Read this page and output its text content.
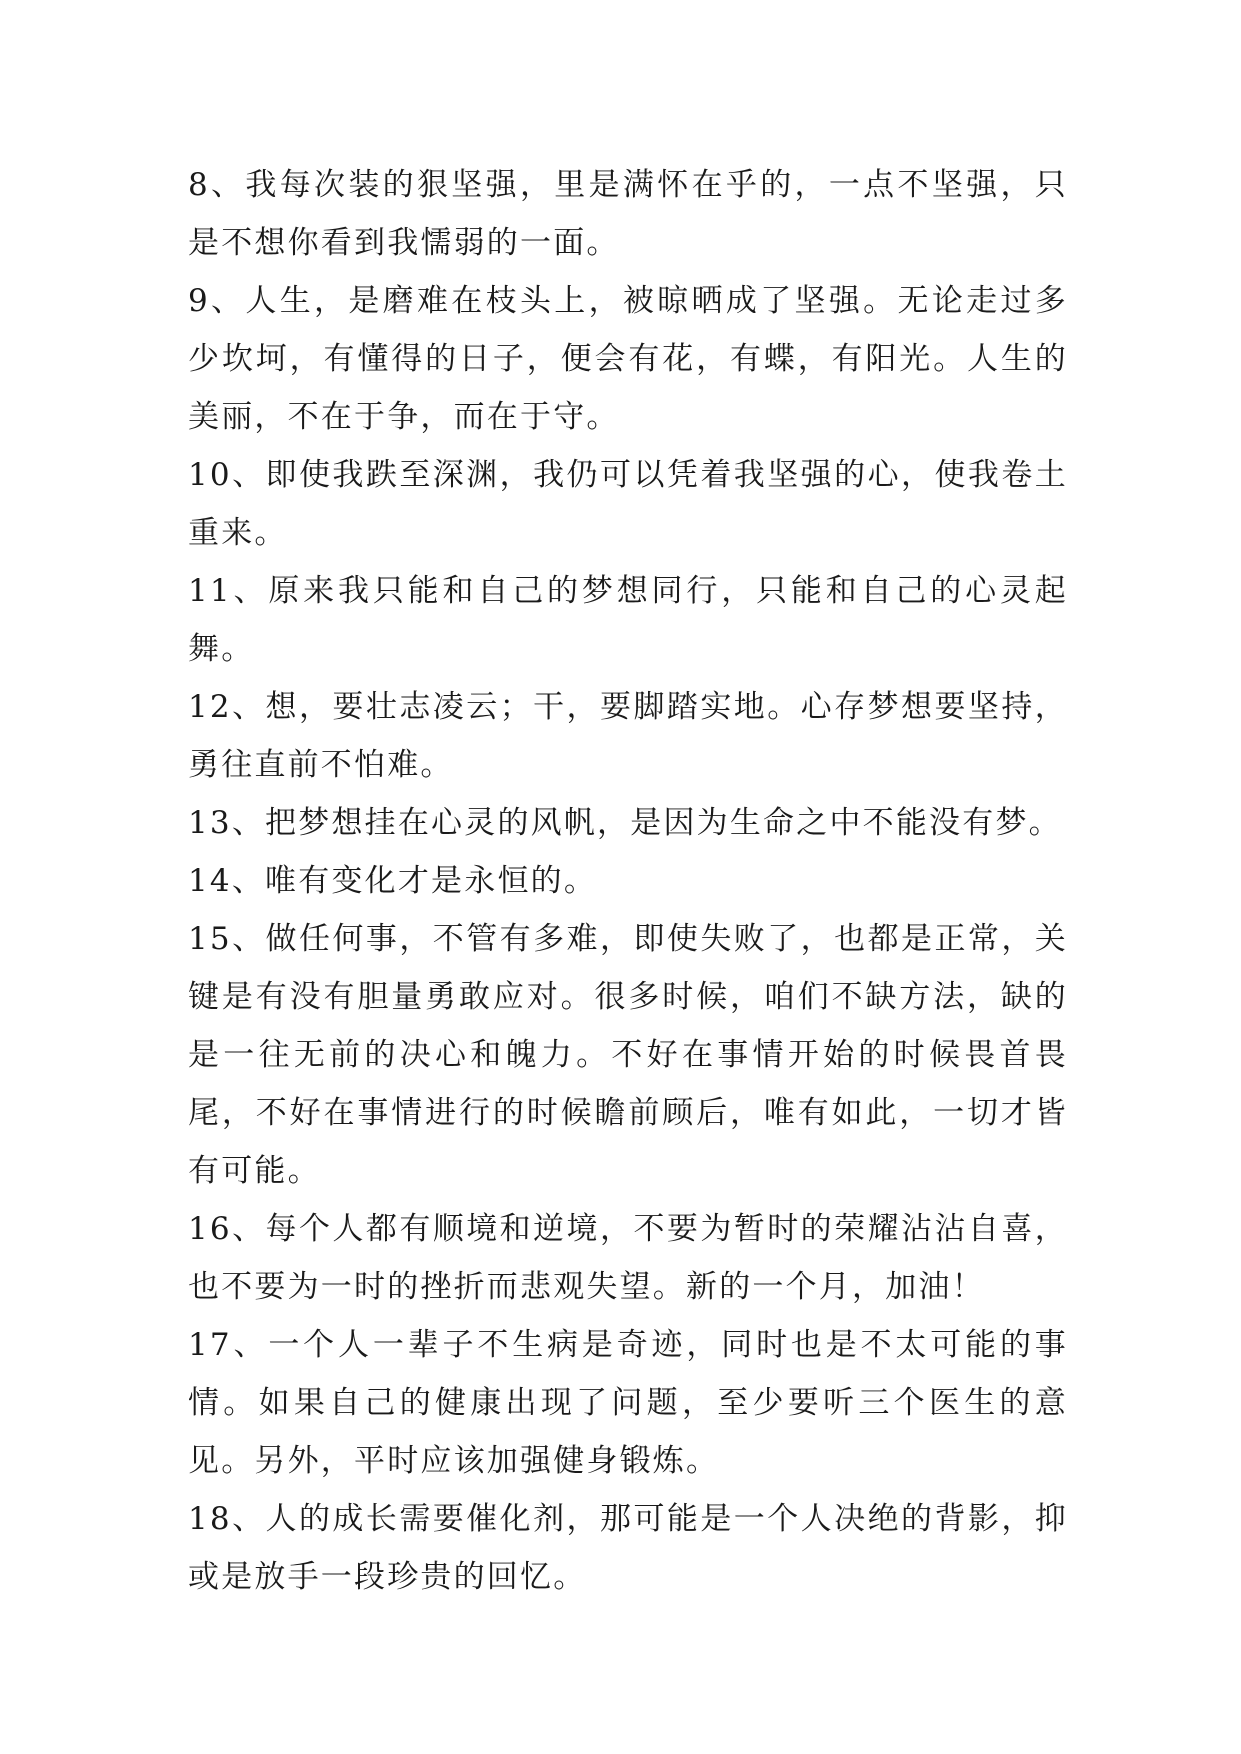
8、我每次装的狠坚强，里是满怀在乎的，一点不坚强，只是不想你看到我懦弱的一面。

9、人生，是磨难在枝头上，被晾晒成了坚强。无论走过多少坎坷，有懂得的日子，便会有花，有蝶，有阳光。人生的美丽，不在于争，而在于守。

10、即使我跌至深渊，我仍可以凭着我坚强的心，使我卷土重来。

11、原来我只能和自己的梦想同行，只能和自己的心灵起舞。

12、想，要壮志凌云；干，要脚踏实地。心存梦想要坚持，勇往直前不怕难。

13、把梦想挂在心灵的风帆，是因为生命之中不能没有梦。

14、唯有变化才是永恒的。

15、做任何事，不管有多难，即使失败了，也都是正常，关键是有没有胆量勇敢应对。很多时候，咱们不缺方法，缺的是一往无前的决心和魄力。不好在事情开始的时候畏首畏尾，不好在事情进行的时候瞻前顾后，唯有如此，一切才皆有可能。

16、每个人都有顺境和逆境，不要为暂时的荣耀沾沾自喜，也不要为一时的挫折而悲观失望。新的一个月，加油！

17、一个人一辈子不生病是奇迹，同时也是不太可能的事情。如果自己的健康出现了问题，至少要听三个医生的意见。另外，平时应该加强健身锻炼。

18、人的成长需要催化剂，那可能是一个人决绝的背影，抑或是放手一段珍贵的回忆。
